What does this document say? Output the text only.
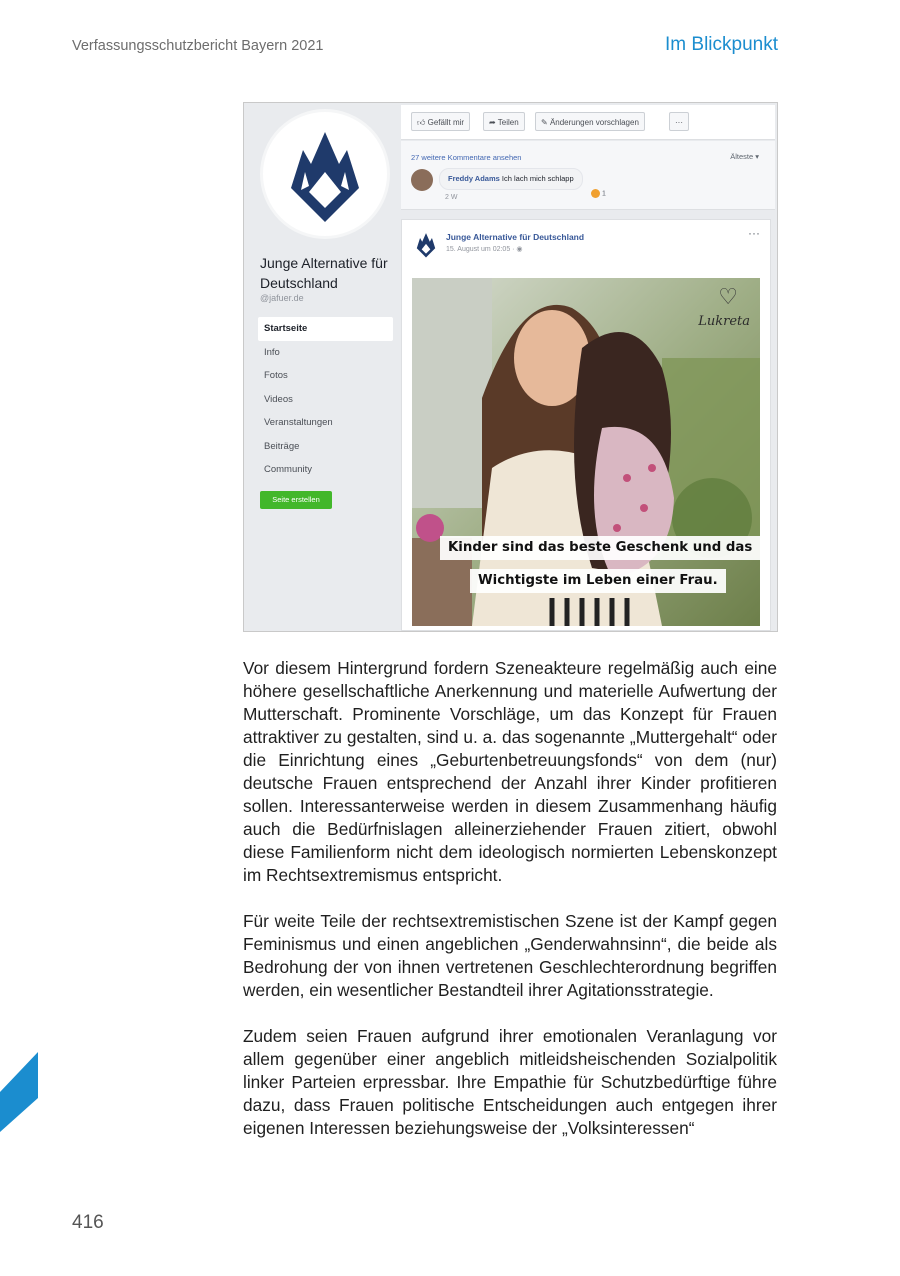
Verfassungsschutzbericht Bayern 2021	Im Blickpunkt
Junge Alternative für Deutschland
@jafuer.de
Startseite
Info
Fotos
Videos
Veranstaltungen
Beiträge
Community
Seite erstellen
👍︎ Gefällt mir	➦ Teilen	✎ Änderungen vorschlagen	···
27 weitere Kommentare ansehen	Älteste ▾
Freddy Adams Ich lach mich schlapp
2 W
1
Junge Alternative für Deutschland
15. August um 02:05 · ◉
···
♡
Lukreta
Kinder sind das beste Geschenk und das
Wichtigste im Leben einer Frau.

Vor diesem Hintergrund fordern Szeneakteure regelmäßig auch eine höhere gesellschaftliche Anerkennung und materielle Aufwertung der Mutterschaft. Prominente Vorschläge, um das Konzept für Frauen attraktiver zu gestalten, sind u. a. das sogenannte „Muttergehalt“ oder die Einrichtung eines „Geburtenbetreuungsfonds“ von dem (nur) deutsche Frauen entsprechend der Anzahl ihrer Kinder profitieren sollen. Interessanterweise werden in diesem Zusammenhang häufig auch die Bedürfnislagen alleinerziehender Frauen zitiert, obwohl diese Familienform nicht dem ideologisch normierten Lebenskonzept im Rechtsextremismus entspricht.

Für weite Teile der rechtsextremistischen Szene ist der Kampf gegen Feminismus und einen angeblichen „Genderwahnsinn“, die beide als Bedrohung der von ihnen vertretenen Geschlechterordnung begriffen werden, ein wesentlicher Bestandteil ihrer Agitationsstrategie.

Zudem seien Frauen aufgrund ihrer emotionalen Veranlagung vor allem gegenüber einer angeblich mitleidsheischenden Sozialpolitik linker Parteien erpressbar. Ihre Empathie für Schutzbedürftige führe dazu, dass Frauen politische Entscheidungen auch entgegen ihrer eigenen Interessen beziehungsweise der „Volksinteressen“

416
